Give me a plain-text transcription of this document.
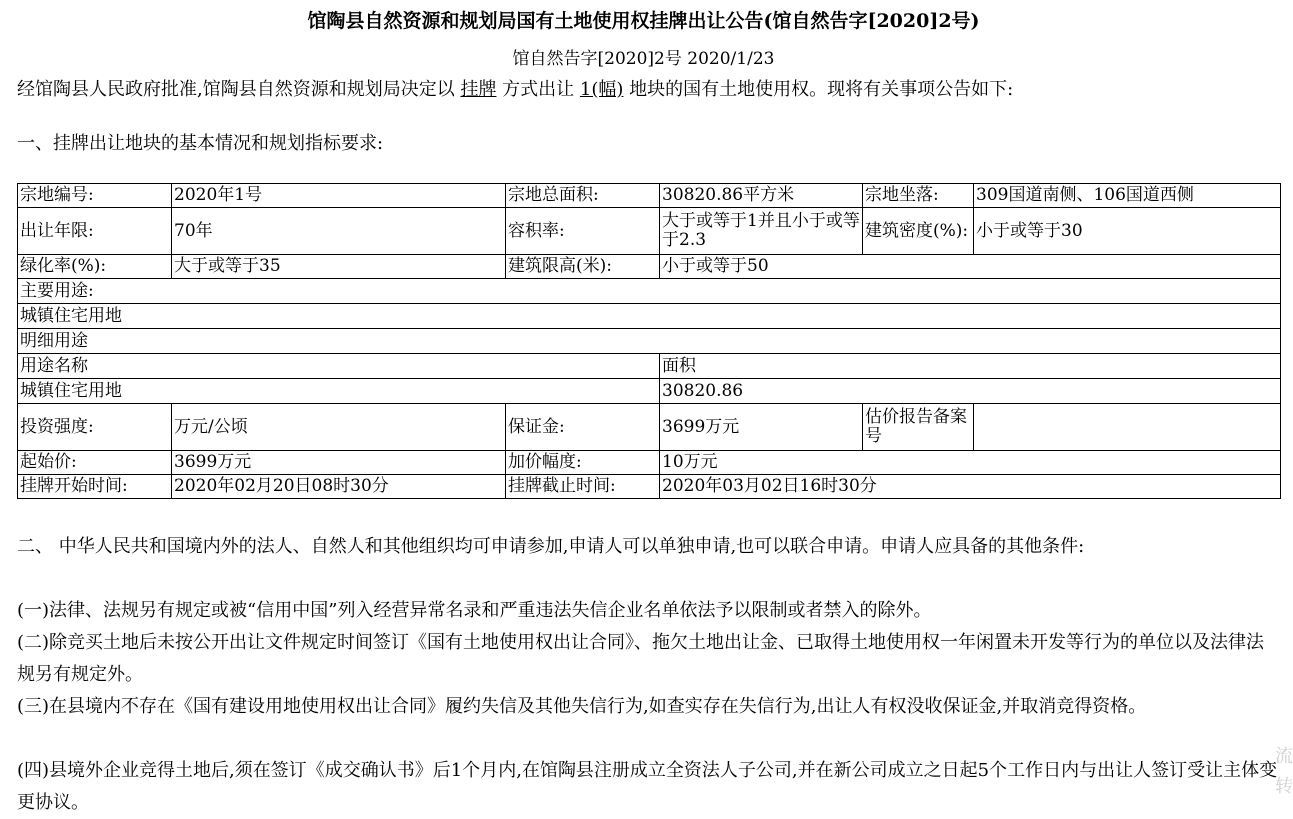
馆陶县自然资源和规划局国有土地使用权挂牌出让公告(馆自然告字[2020]2号)
馆自然告字[2020]2号 2020/1/23
经馆陶县人民政府批准,馆陶县自然资源和规划局决定以 挂牌 方式出让 1(幅) 地块的国有土地使用权。现将有关事项公告如下:
一、挂牌出让地块的基本情况和规划指标要求:
宗地编号:	2020年1号	宗地总面积:	30820.86平方米	宗地坐落:	309国道南侧、106国道西侧
出让年限:	70年	容积率:	大于或等于1并且小于或等于2.3	建筑密度(%):	小于或等于30
绿化率(%):	大于或等于35	建筑限高(米):	小于或等于50		
主要用途:					
城镇住宅用地					
明细用途					
用途名称			面积		
城镇住宅用地			30820.86		
投资强度:	万元/公顷	保证金:	3699万元	估价报告备案号	
起始价:	3699万元	加价幅度:	10万元		
挂牌开始时间:	2020年02月20日08时30分	挂牌截止时间:	2020年03月02日16时30分		
二、 中华人民共和国境内外的法人、自然人和其他组织均可申请参加,申请人可以单独申请,也可以联合申请。申请人应具备的其他条件:
(一)法律、法规另有规定或被“信用中国”列入经营异常名录和严重违法失信企业名单依法予以限制或者禁入的除外。
(二)除竞买土地后未按公开出让文件规定时间签订《国有土地使用权出让合同》、拖欠土地出让金、已取得土地使用权一年闲置未开发等行为的单位以及法律法规另有规定外。
(三)在县境内不存在《国有建设用地使用权出让合同》履约失信及其他失信行为,如查实存在失信行为,出让人有权没收保证金,并取消竞得资格。
(四)县境外企业竞得土地后,须在签订《成交确认书》后1个月内,在馆陶县注册成立全资法人子公司,并在新公司成立之日起5个工作日内与出让人签订受让主体变更协议。
流 转
